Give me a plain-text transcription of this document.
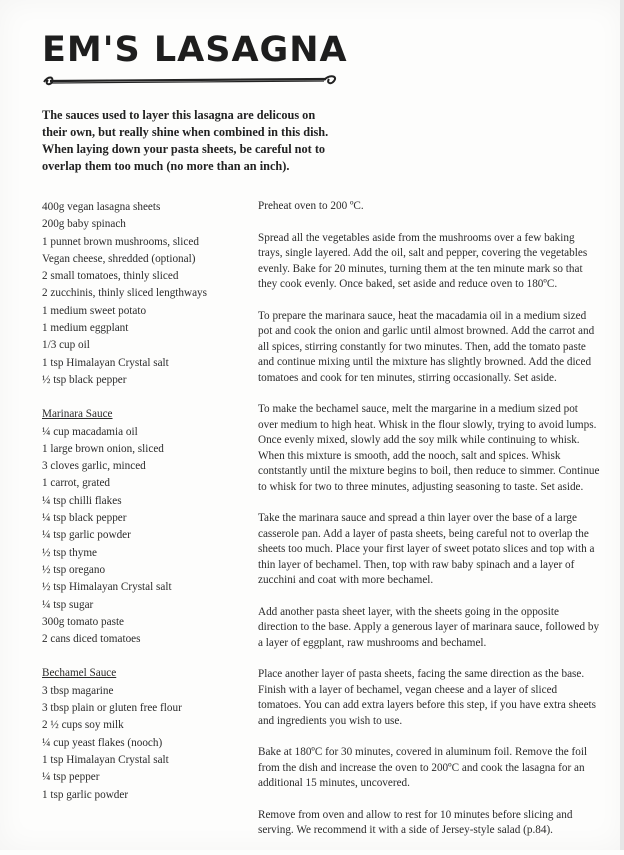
EM'S LASAGNA
The sauces used to layer this lasagna are delicous on their own, but really shine when combined in this dish. When laying down your pasta sheets, be careful not to overlap them too much (no more than an inch).
400g vegan lasagna sheets
200g baby spinach
1 punnet brown mushrooms, sliced
Vegan cheese, shredded (optional)
2 small tomatoes, thinly sliced
2 zucchinis, thinly sliced lengthways
1 medium sweet potato
1 medium eggplant
1/3 cup oil
1 tsp Himalayan Crystal salt
½ tsp black pepper
Marinara Sauce
¼ cup macadamia oil
1 large brown onion, sliced
3 cloves garlic, minced
1 carrot, grated
¼ tsp chilli flakes
¼ tsp black pepper
¼ tsp garlic powder
½ tsp thyme
½ tsp oregano
½ tsp Himalayan Crystal salt
¼ tsp sugar
300g tomato paste
2 cans diced tomatoes
Bechamel Sauce
3 tbsp magarine
3 tbsp plain or gluten free flour
2 ½ cups soy milk
¼ cup yeast flakes (nooch)
1 tsp Himalayan Crystal salt
¼ tsp pepper
1 tsp garlic powder

Preheat oven to 200 ºC.

Spread all the vegetables aside from the mushrooms over a few baking trays, single layered. Add the oil, salt and pepper, covering the vegetables evenly. Bake for 20 minutes, turning them at the ten minute mark so that they cook evenly. Once baked, set aside and reduce oven to 180ºC.

To prepare the marinara sauce, heat the macadamia oil in a medium sized pot and cook the onion and garlic until almost browned. Add the carrot and all spices, stirring constantly for two minutes. Then, add the tomato paste and continue mixing until the mixture has slightly browned. Add the diced tomatoes and cook for ten minutes, stirring occasionally. Set aside.

To make the bechamel sauce, melt the margarine in a medium sized pot over medium to high heat. Whisk in the flour slowly, trying to avoid lumps. Once evenly mixed, slowly add the soy milk while continuing to whisk. When this mixture is smooth, add the nooch, salt and spices. Whisk contstantly until the mixture begins to boil, then reduce to simmer. Continue to whisk for two to three minutes, adjusting seasoning to taste. Set aside.

Take the marinara sauce and spread a thin layer over the base of a large casserole pan. Add a layer of pasta sheets, being careful not to overlap the sheets too much. Place your first layer of sweet potato slices and top with a thin layer of bechamel. Then, top with raw baby spinach and a layer of zucchini and coat with more bechamel.

Add another pasta sheet layer, with the sheets going in the opposite direction to the base. Apply a generous layer of marinara sauce, followed by a layer of eggplant, raw mushrooms and bechamel.

Place another layer of pasta sheets, facing the same direction as the base. Finish with a layer of bechamel, vegan cheese and a layer of sliced tomatoes. You can add extra layers before this step, if you have extra sheets and ingredients you wish to use.

Bake at 180ºC for 30 minutes, covered in aluminum foil. Remove the foil from the dish and increase the oven to 200ºC and cook the lasagna for an additional 15 minutes, uncovered.

Remove from oven and allow to rest for 10 minutes before slicing and serving. We recommend it with a side of Jersey-style salad (p.84).
